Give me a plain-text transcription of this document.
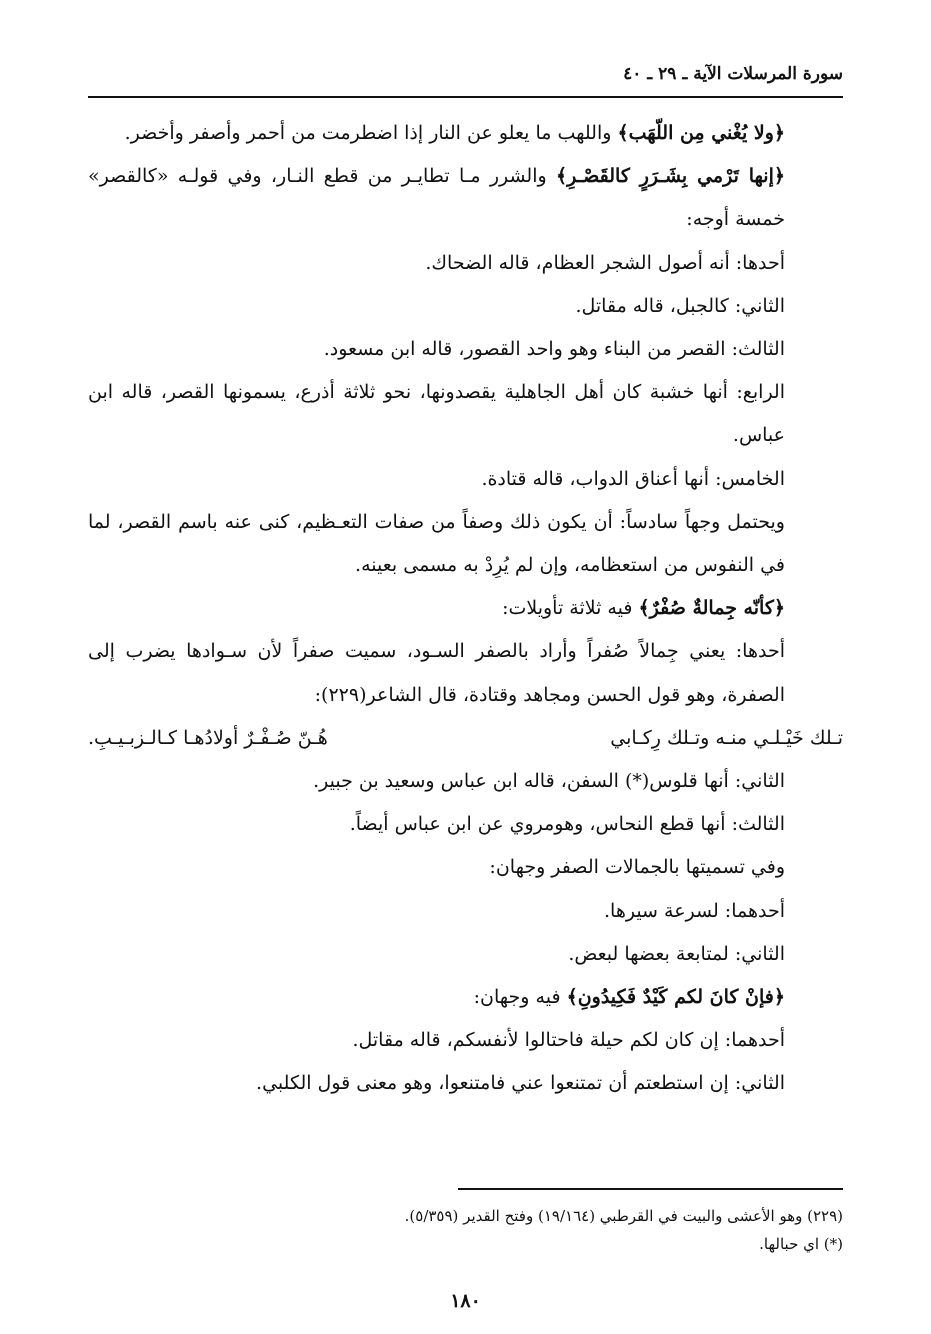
سورة المرسلات الآية ـ ٢٩ ـ ٤٠

﴿ولا يُغْني مِن اللّهَب﴾ واللهب ما يعلو عن النار إذا اضطرمت من أحمر وأصفر وأخضر.

﴿إنها تَرْمي بِشَـرَرٍ كالقَصْـرِ﴾ والشرر مـا تطايـر من قطع النـار، وفي قولـه «كالقصر» خمسة أوجه:

أحدها: أنه أصول الشجر العظام، قاله الضحاك.

الثاني: كالجبل، قاله مقاتل.

الثالث: القصر من البناء وهو واحد القصور، قاله ابن مسعود.

الرابع: أنها خشبة كان أهل الجاهلية يقصدونها، نحو ثلاثة أذرع، يسمونها القصر، قاله ابن عباس.

الخامس: أنها أعناق الدواب، قاله قتادة.

ويحتمل وجهاً سادساً: أن يكون ذلك وصفاً من صفات التعـظيم، كنى عنه باسم القصر، لما في النفوس من استعظامه، وإن لم يُرِدْ به مسمى بعينه.

﴿كأنّه جِمالةٌ صُفْرٌ﴾ فيه ثلاثة تأويلات:

أحدها: يعني جِمالاً صُفراً وأراد بالصفر السـود، سميت صفراً لأن سـوادها يضرب إلى الصفرة، وهو قول الحسن ومجاهد وقتادة، قال الشاعر(٢٢٩):

تـلك خَيْـلـي منـه وتـلك رِكـابي
هُـنّ صُـفْـرٌ أولادُهـا كـالـزبـيـبِ.

الثاني: أنها قلوس(*) السفن، قاله ابن عباس وسعيد بن جبير.

الثالث: أنها قطع النحاس، وهومروي عن ابن عباس أيضاً.

وفي تسميتها بالجمالات الصفر وجهان:

أحدهما: لسرعة سيرها.

الثاني: لمتابعة بعضها لبعض.

﴿فإنْ كانَ لكم كَيْدٌ فَكِيدُونِ﴾ فيه وجهان:

أحدهما: إن كان لكم حيلة فاحتالوا لأنفسكم، قاله مقاتل.

الثاني: إن استطعتم أن تمتنعوا عني فامتنعوا، وهو معنى قول الكلبي.

(٢٢٩) وهو الأعشى والبيت في القرطبي (١٩/١٦٤) وفتح القدير (٥/٣٥٩).

(*) اي حبالها.

١٨٠
